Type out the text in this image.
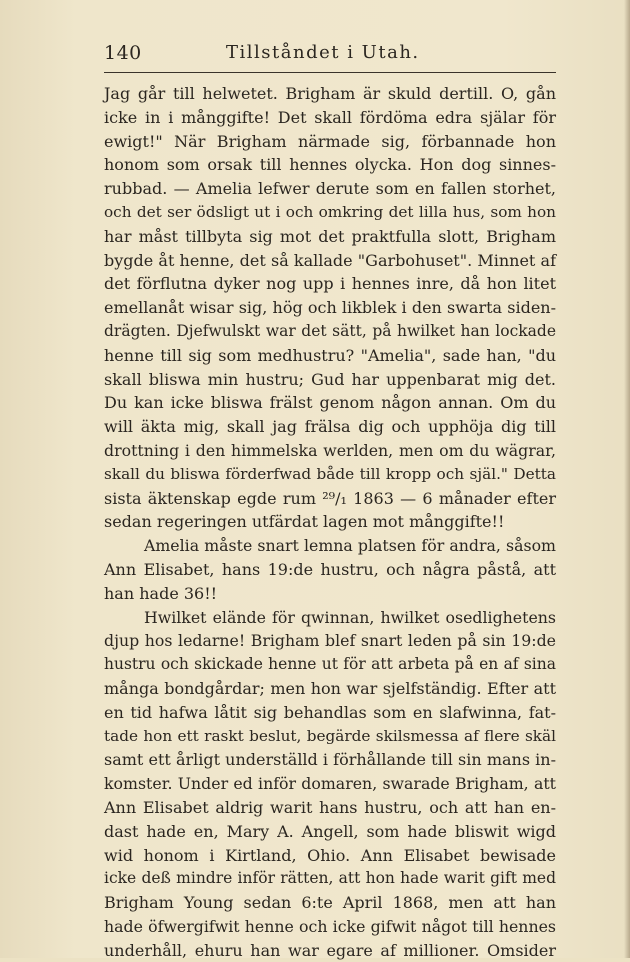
140	Tillståndet i Utah.
Jag går till helwetet. Brigham är skuld dertill. O, gån
icke in i månggifte! Det skall fördöma edra själar för
ewigt!" När Brigham närmade sig, förbannade hon
honom som orsak till hennes olycka. Hon dog sinnes-
rubbad. — Amelia lefwer derute som en fallen storhet,
och det ser ödsligt ut i och omkring det lilla hus, som hon
har måst tillbyta sig mot det praktfulla slott, Brigham
bygde åt henne, det så kallade "Garbohuset". Minnet af
det förflutna dyker nog upp i hennes inre, då hon litet
emellanåt wisar sig, hög och likblek i den swarta siden-
drägten. Djefwulskt war det sätt, på hwilket han lockade
henne till sig som medhustru? "Amelia", sade han, "du
skall bliswa min hustru; Gud har uppenbarat mig det.
Du kan icke bliswa frälst genom någon annan. Om du
will äkta mig, skall jag frälsa dig och upphöja dig till
drottning i den himmelska werlden, men om du wägrar,
skall du bliswa förderfwad både till kropp och själ." Detta
sista äktenskap egde rum ²⁹/₁ 1863 — 6 månader efter
sedan regeringen utfärdat lagen mot månggifte!!
Amelia måste snart lemna platsen för andra, såsom
Ann Elisabet, hans 19:de hustru, och några påstå, att
han hade 36!!
Hwilket elände för qwinnan, hwilket osedlighetens
djup hos ledarne! Brigham blef snart leden på sin 19:de
hustru och skickade henne ut för att arbeta på en af sina
många bondgårdar; men hon war sjelfständig. Efter att
en tid hafwa låtit sig behandlas som en slafwinna, fat-
tade hon ett raskt beslut, begärde skilsmessa af flere skäl
samt ett årligt underställd i förhållande till sin mans in-
komster. Under ed inför domaren, swarade Brigham, att
Ann Elisabet aldrig warit hans hustru, och att han en-
dast hade en, Mary A. Angell, som hade bliswit wigd
wid honom i Kirtland, Ohio. Ann Elisabet bewisade
icke deß mindre inför rätten, att hon hade warit gift med
Brigham Young sedan 6:te April 1868, men att han
hade öfwergifwit henne och icke gifwit något till hennes
underhåll, ehuru han war egare af millioner. Omsider
